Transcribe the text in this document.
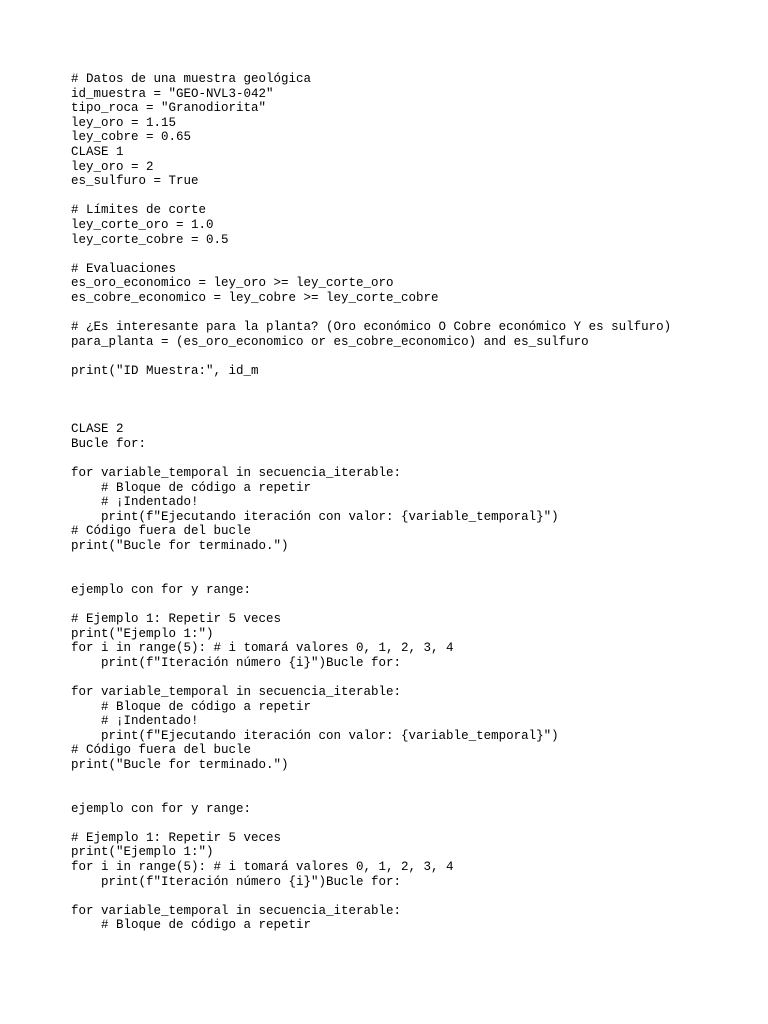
# Datos de una muestra geológica
id_muestra = "GEO-NVL3-042"
tipo_roca = "Granodiorita"
ley_oro = 1.15
ley_cobre = 0.65
CLASE 1
ley_oro = 2
es_sulfuro = True
# Límites de corte
ley_corte_oro = 1.0
ley_corte_cobre = 0.5
# Evaluaciones
es_oro_economico = ley_oro >= ley_corte_oro
es_cobre_economico = ley_cobre >= ley_corte_cobre
# ¿Es interesante para la planta? (Oro económico O Cobre económico Y es sulfuro)
para_planta = (es_oro_economico or es_cobre_economico) and es_sulfuro
print("ID Muestra:", id_m
CLASE 2
Bucle for:
for variable_temporal in secuencia_iterable:
# Bloque de código a repetir
# ¡Indentado!
print(f"Ejecutando iteración con valor: {variable_temporal}")
# Código fuera del bucle
print("Bucle for terminado.")
ejemplo con for y range:
# Ejemplo 1: Repetir 5 veces
print("Ejemplo 1:")
for i in range(5): # i tomará valores 0, 1, 2, 3, 4
print(f"Iteración número {i}")Bucle for:
for variable_temporal in secuencia_iterable:
# Bloque de código a repetir
# ¡Indentado!
print(f"Ejecutando iteración con valor: {variable_temporal}")
# Código fuera del bucle
print("Bucle for terminado.")
ejemplo con for y range:
# Ejemplo 1: Repetir 5 veces
print("Ejemplo 1:")
for i in range(5): # i tomará valores 0, 1, 2, 3, 4
print(f"Iteración número {i}")Bucle for:
for variable_temporal in secuencia_iterable:
# Bloque de código a repetir
